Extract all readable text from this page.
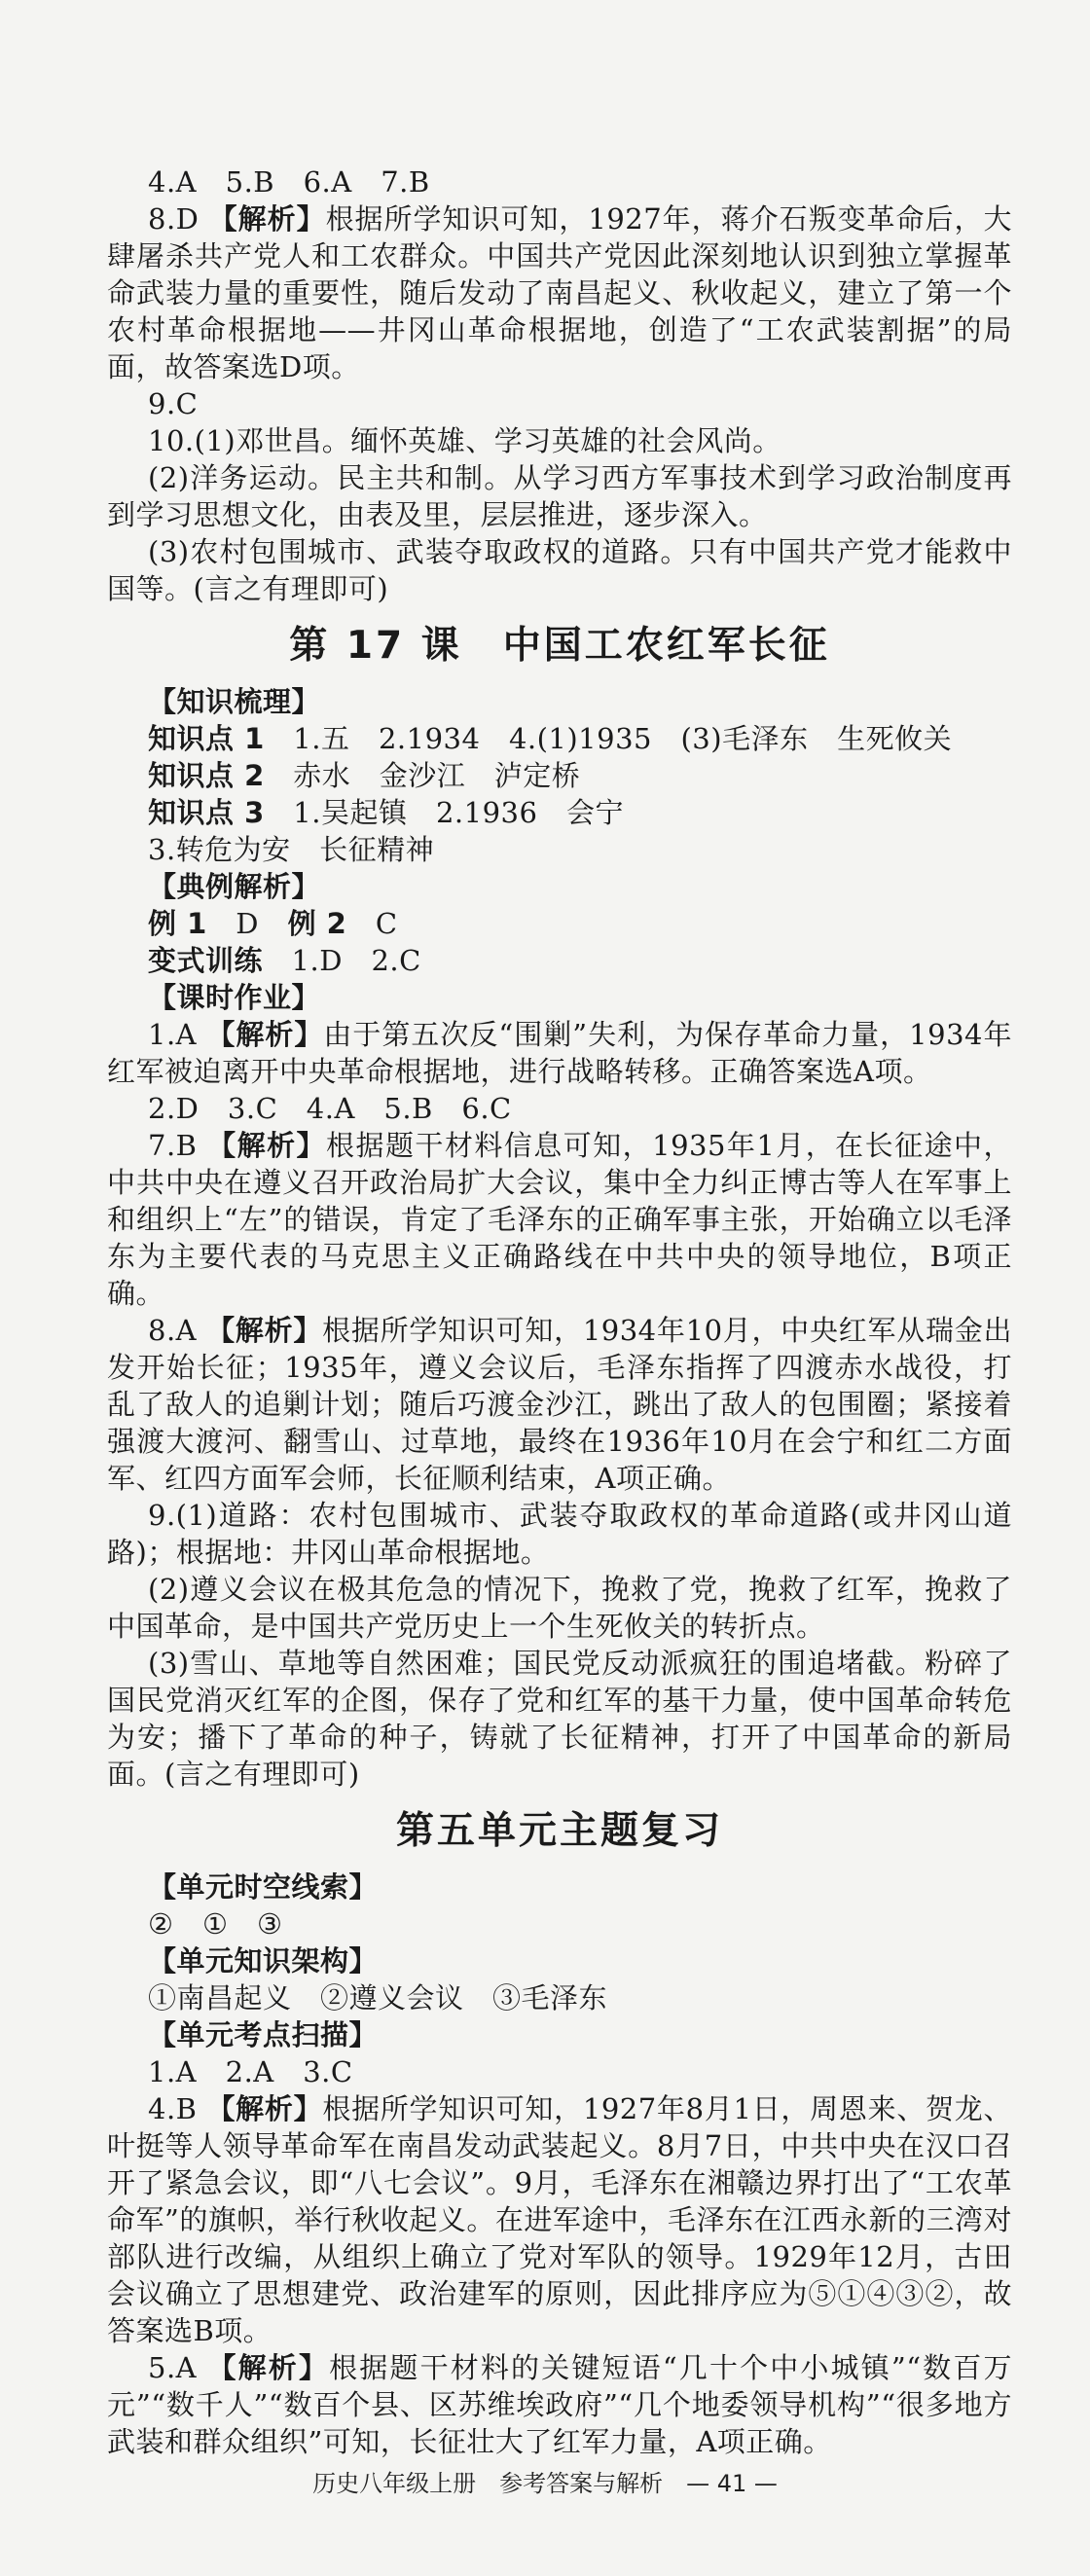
4.A　5.B　6.A　7.B

8.D 【解析】根据所学知识可知，1927年，蒋介石叛变革命后，大肆屠杀共产党人和工农群众。中国共产党因此深刻地认识到独立掌握革命武装力量的重要性，随后发动了南昌起义、秋收起义，建立了第一个农村革命根据地——井冈山革命根据地，创造了“工农武装割据”的局面，故答案选D项。

9.C

10.(1)邓世昌。缅怀英雄、学习英雄的社会风尚。

(2)洋务运动。民主共和制。从学习西方军事技术到学习政治制度再到学习思想文化，由表及里，层层推进，逐步深入。

(3)农村包围城市、武装夺取政权的道路。只有中国共产党才能救中国等。(言之有理即可)

第 17 课　中国工农红军长征

【知识梳理】

知识点 1　 1.五　2.1934　4.(1)1935　(3)毛泽东　生死攸关

知识点 2　 赤水　金沙江　泸定桥

知识点 3　 1.吴起镇　2.1936　会宁

3.转危为安　长征精神

【典例解析】

例 1　 D　 例 2　 C

变式训练　 1.D　2.C

【课时作业】

1.A 【解析】由于第五次反“围剿”失利，为保存革命力量，1934年红军被迫离开中央革命根据地，进行战略转移。正确答案选A项。

2.D　3.C　4.A　5.B　6.C

7.B 【解析】根据题干材料信息可知，1935年1月，在长征途中，中共中央在遵义召开政治局扩大会议，集中全力纠正博古等人在军事上和组织上“左”的错误，肯定了毛泽东的正确军事主张，开始确立以毛泽东为主要代表的马克思主义正确路线在中共中央的领导地位，B项正确。

8.A 【解析】根据所学知识可知，1934年10月，中央红军从瑞金出发开始长征；1935年，遵义会议后，毛泽东指挥了四渡赤水战役，打乱了敌人的追剿计划；随后巧渡金沙江，跳出了敌人的包围圈；紧接着强渡大渡河、翻雪山、过草地，最终在1936年10月在会宁和红二方面军、红四方面军会师，长征顺利结束，A项正确。

9.(1)道路：农村包围城市、武装夺取政权的革命道路(或井冈山道路)；根据地：井冈山革命根据地。

(2)遵义会议在极其危急的情况下，挽救了党，挽救了红军，挽救了中国革命，是中国共产党历史上一个生死攸关的转折点。

(3)雪山、草地等自然困难；国民党反动派疯狂的围追堵截。粉碎了国民党消灭红军的企图，保存了党和红军的基干力量，使中国革命转危为安；播下了革命的种子，铸就了长征精神，打开了中国革命的新局面。(言之有理即可)

第五单元主题复习

【单元时空线索】

②　①　③

【单元知识架构】

①南昌起义　②遵义会议　③毛泽东

【单元考点扫描】

1.A　2.A　3.C

4.B 【解析】根据所学知识可知，1927年8月1日，周恩来、贺龙、叶挺等人领导革命军在南昌发动武装起义。8月7日，中共中央在汉口召开了紧急会议，即“八七会议”。9月，毛泽东在湘赣边界打出了“工农革命军”的旗帜，举行秋收起义。在进军途中，毛泽东在江西永新的三湾对部队进行改编，从组织上确立了党对军队的领导。1929年12月，古田会议确立了思想建党、政治建军的原则，因此排序应为⑤①④③②，故答案选B项。

5.A 【解析】根据题干材料的关键短语“几十个中小城镇”“数百万元”“数千人”“数百个县、区苏维埃政府”“几个地委领导机构”“很多地方武装和群众组织”可知，长征壮大了红军力量，A项正确。

历史八年级上册　 参考答案与解析　 — 41 —
